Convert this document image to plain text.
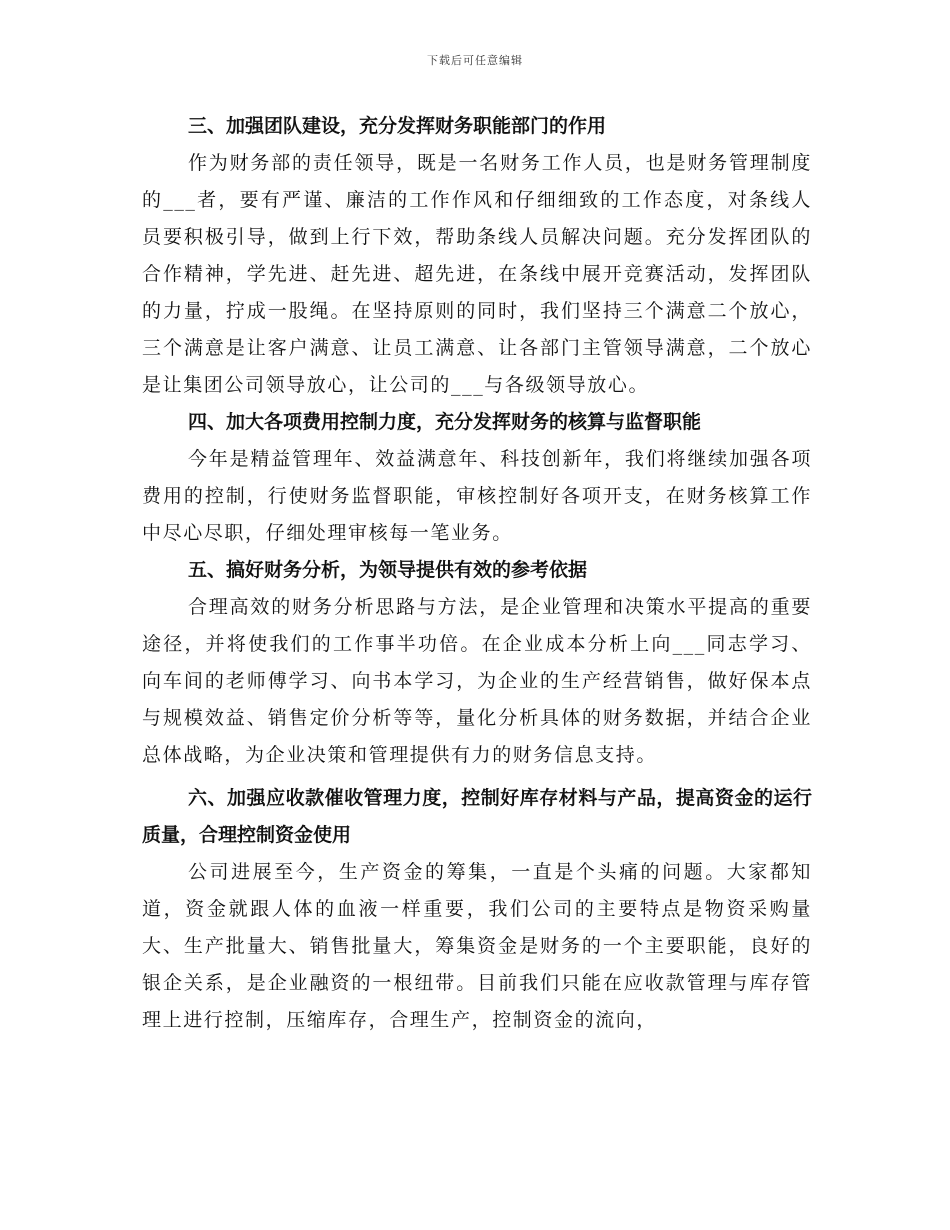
下载后可任意编辑
三、加强团队建设，充分发挥财务职能部门的作用

作为财务部的责任领导，既是一名财务工作人员，也是财务管理制度的___者，要有严谨、廉洁的工作作风和仔细细致的工作态度，对条线人员要积极引导，做到上行下效，帮助条线人员解决问题。充分发挥团队的合作精神，学先进、赶先进、超先进，在条线中展开竞赛活动，发挥团队的力量，拧成一股绳。在坚持原则的同时，我们坚持三个满意二个放心，三个满意是让客户满意、让员工满意、让各部门主管领导满意，二个放心是让集团公司领导放心，让公司的___与各级领导放心。

四、加大各项费用控制力度，充分发挥财务的核算与监督职能

今年是精益管理年、效益满意年、科技创新年，我们将继续加强各项费用的控制，行使财务监督职能，审核控制好各项开支，在财务核算工作中尽心尽职，仔细处理审核每一笔业务。

五、搞好财务分析，为领导提供有效的参考依据

合理高效的财务分析思路与方法，是企业管理和决策水平提高的重要途径，并将使我们的工作事半功倍。在企业成本分析上向___同志学习、向车间的老师傅学习、向书本学习，为企业的生产经营销售，做好保本点与规模效益、销售定价分析等等，量化分析具体的财务数据，并结合企业总体战略，为企业决策和管理提供有力的财务信息支持。

六、加强应收款催收管理力度，控制好库存材料与产品，提高资金的运行质量，合理控制资金使用

公司进展至今，生产资金的筹集，一直是个头痛的问题。大家都知道，资金就跟人体的血液一样重要，我们公司的主要特点是物资采购量大、生产批量大、销售批量大，筹集资金是财务的一个主要职能，良好的银企关系，是企业融资的一根纽带。目前我们只能在应收款管理与库存管理上进行控制，压缩库存，合理生产，控制资金的流向，
